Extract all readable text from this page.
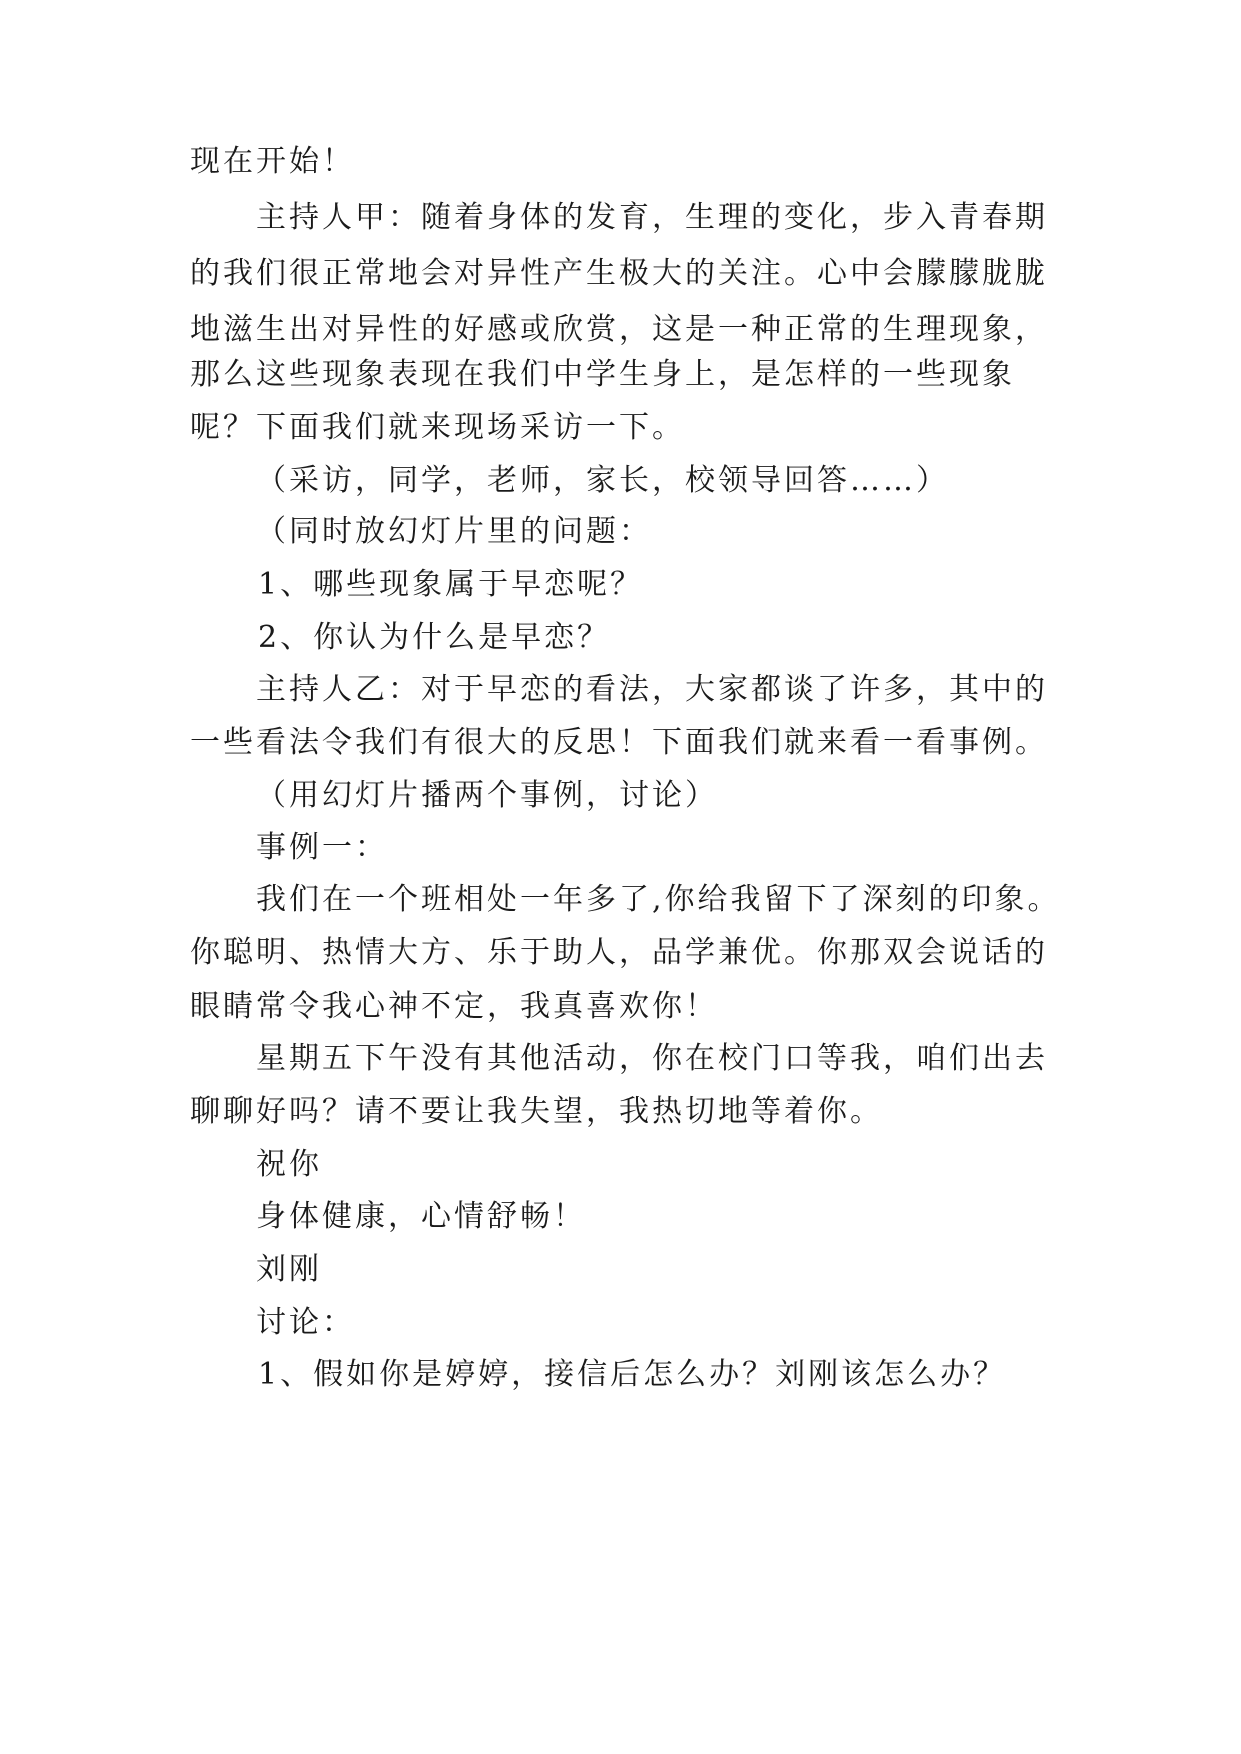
现在开始！
主持人甲：随着身体的发育，生理的变化，步入青春期
的我们很正常地会对异性产生极大的关注。心中会朦朦胧胧
地滋生出对异性的好感或欣赏，这是一种正常的生理现象，
那么这些现象表现在我们中学生身上，是怎样的一些现象
呢？下面我们就来现场采访一下。
（采访，同学，老师，家长，校领导回答……）
（同时放幻灯片里的问题：
1、哪些现象属于早恋呢？
2、你认为什么是早恋？
主持人乙：对于早恋的看法，大家都谈了许多，其中的
一些看法令我们有很大的反思！下面我们就来看一看事例。
（用幻灯片播两个事例，讨论）
事例一：
我们在一个班相处一年多了,你给我留下了深刻的印象。
你聪明、热情大方、乐于助人，品学兼优。你那双会说话的
眼睛常令我心神不定，我真喜欢你！
星期五下午没有其他活动，你在校门口等我，咱们出去
聊聊好吗？请不要让我失望，我热切地等着你。
祝你
身体健康，心情舒畅！
刘刚
讨论：
1、假如你是婷婷，接信后怎么办？刘刚该怎么办？
